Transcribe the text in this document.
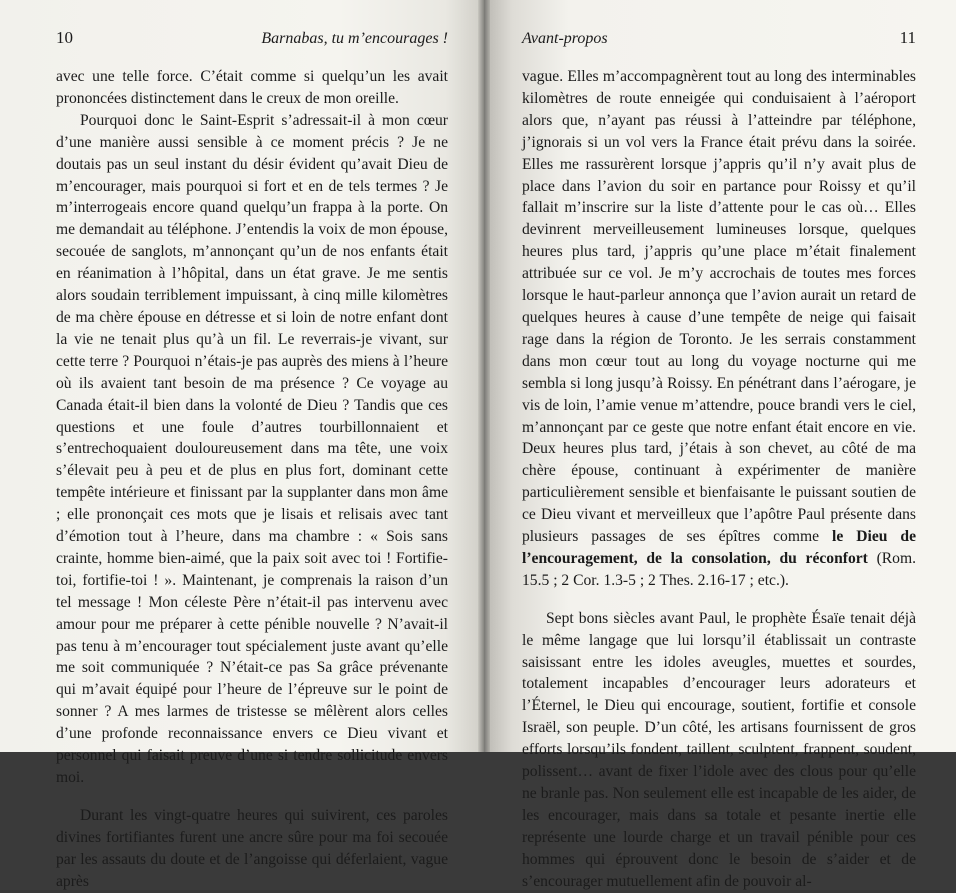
10	Barnabas, tu m’encourages !

avec une telle force. C’était comme si quelqu’un les avait prononcées distinctement dans le creux de mon oreille.

Pourquoi donc le Saint-Esprit s’adressait-il à mon cœur d’une manière aussi sensible à ce moment précis ? Je ne doutais pas un seul instant du désir évident qu’avait Dieu de m’encourager, mais pourquoi si fort et en de tels termes ? Je m’interrogeais encore quand quelqu’un frappa à la porte. On me demandait au téléphone. J’entendis la voix de mon épouse, secouée de sanglots, m’annonçant qu’un de nos enfants était en réanimation à l’hôpital, dans un état grave. Je me sentis alors soudain terriblement impuissant, à cinq mille kilomètres de ma chère épouse en détresse et si loin de notre enfant dont la vie ne tenait plus qu’à un fil. Le reverrais-je vivant, sur cette terre ? Pourquoi n’étais-je pas auprès des miens à l’heure où ils avaient tant besoin de ma présence ? Ce voyage au Canada était-il bien dans la volonté de Dieu ? Tandis que ces questions et une foule d’autres tourbillonnaient et s’entrechoquaient douloureusement dans ma tête, une voix s’élevait peu à peu et de plus en plus fort, dominant cette tempête intérieure et finissant par la supplanter dans mon âme ; elle prononçait ces mots que je lisais et relisais avec tant d’émotion tout à l’heure, dans ma chambre : « Sois sans crainte, homme bien-aimé, que la paix soit avec toi ! Fortifie-toi, fortifie-toi ! ». Maintenant, je comprenais la raison d’un tel message ! Mon céleste Père n’était-il pas intervenu avec amour pour me préparer à cette pénible nouvelle ? N’avait-il pas tenu à m’encourager tout spécialement juste avant qu’elle me soit communiquée ? N’était-ce pas Sa grâce prévenante qui m’avait équipé pour l’heure de l’épreuve sur le point de sonner ? A mes larmes de tristesse se mêlèrent alors celles d’une profonde reconnaissance envers ce Dieu vivant et personnel qui faisait preuve d’une si tendre sollicitude envers moi.

Durant les vingt-quatre heures qui suivirent, ces paroles divines fortifiantes furent une ancre sûre pour ma foi secouée par les assauts du doute et de l’angoisse qui déferlaient, vague après

Avant-propos	11

vague. Elles m’accompagnèrent tout au long des interminables kilomètres de route enneigée qui conduisaient à l’aéroport alors que, n’ayant pas réussi à l’atteindre par téléphone, j’ignorais si un vol vers la France était prévu dans la soirée. Elles me rassurèrent lorsque j’appris qu’il n’y avait plus de place dans l’avion du soir en partance pour Roissy et qu’il fallait m’inscrire sur la liste d’attente pour le cas où… Elles devinrent merveilleusement lumineuses lorsque, quelques heures plus tard, j’appris qu’une place m’était finalement attribuée sur ce vol. Je m’y accrochais de toutes mes forces lorsque le haut-parleur annonça que l’avion aurait un retard de quelques heures à cause d’une tempête de neige qui faisait rage dans la région de Toronto. Je les serrais constamment dans mon cœur tout au long du voyage nocturne qui me sembla si long jusqu’à Roissy. En pénétrant dans l’aérogare, je vis de loin, l’amie venue m’attendre, pouce brandi vers le ciel, m’annonçant par ce geste que notre enfant était encore en vie. Deux heures plus tard, j’étais à son chevet, au côté de ma chère épouse, continuant à expérimenter de manière particulièrement sensible et bienfaisante le puissant soutien de ce Dieu vivant et merveilleux que l’apôtre Paul présente dans plusieurs passages de ses épîtres comme le Dieu de l’encouragement, de la consolation, du réconfort (Rom. 15.5 ; 2 Cor. 1.3-5 ; 2 Thes. 2.16-17 ; etc.).

Sept bons siècles avant Paul, le prophète Ésaïe tenait déjà le même langage que lui lorsqu’il établissait un contraste saisissant entre les idoles aveugles, muettes et sourdes, totalement incapables d’encourager leurs adorateurs et l’Éternel, le Dieu qui encourage, soutient, fortifie et console Israël, son peuple. D’un côté, les artisans fournissent de gros efforts lorsqu’ils fondent, taillent, sculptent, frappent, soudent, polissent… avant de fixer l’idole avec des clous pour qu’elle ne branle pas. Non seulement elle est incapable de les aider, de les encourager, mais dans sa totale et pesante inertie elle représente une lourde charge et un travail pénible pour ces hommes qui éprouvent donc le besoin de s’aider et de s’encourager mutuellement afin de pouvoir al-
